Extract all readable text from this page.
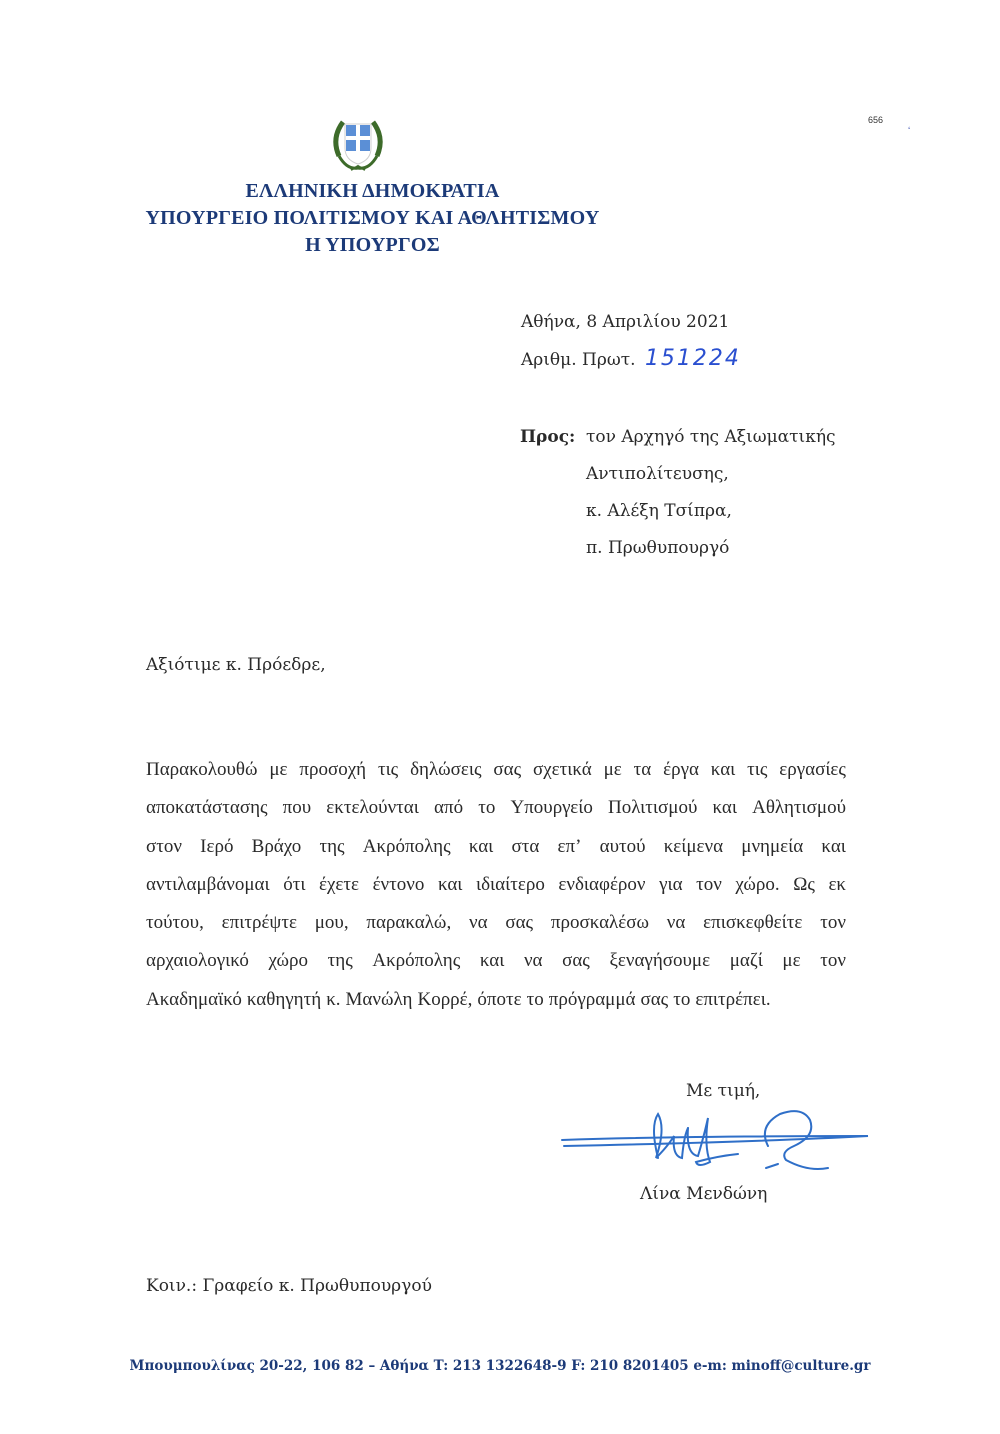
ΕΛΛΗΝΙΚΗ ΔΗΜΟΚΡΑΤΙΑ
ΥΠΟΥΡΓΕΙΟ ΠΟΛΙΤΙΣΜΟΥ ΚΑΙ ΑΘΛΗΤΙΣΜΟΥ
Η ΥΠΟΥΡΓΟΣ
656
ʻ
Αθήνα, 8 Απριλίου 2021
Αριθμ. Πρωτ. 151224
Προς: τον Αρχηγό της Αξιωματικής
Αντιπολίτευσης,
κ. Αλέξη Τσίπρα,
π. Πρωθυπουργό
Αξιότιμε κ. Πρόεδρε,
Παρακολουθώ με προσοχή τις δηλώσεις σας σχετικά με τα έργα και τις εργασίες
αποκατάστασης που εκτελούνται από το Υπουργείο Πολιτισμού και Αθλητισμού
στον Ιερό Βράχο της Ακρόπολης και στα επ’ αυτού κείμενα μνημεία και
αντιλαμβάνομαι ότι έχετε έντονο και ιδιαίτερο ενδιαφέρον για τον χώρο. Ως εκ
τούτου, επιτρέψτε μου, παρακαλώ, να σας προσκαλέσω να επισκεφθείτε τον
αρχαιολογικό χώρο της Ακρόπολης και να σας ξεναγήσουμε μαζί με τον
Ακαδημαϊκό καθηγητή κ. Μανώλη Κορρέ, όποτε το πρόγραμμά σας το επιτρέπει.
Με τιμή,
Λίνα Μενδώνη
Κοιν.: Γραφείο κ. Πρωθυπουργού
Μπουμπουλίνας 20-22, 106 82 – Αθήνα T: 213 1322648-9 F: 210 8201405 e-m: minoff@culture.gr
